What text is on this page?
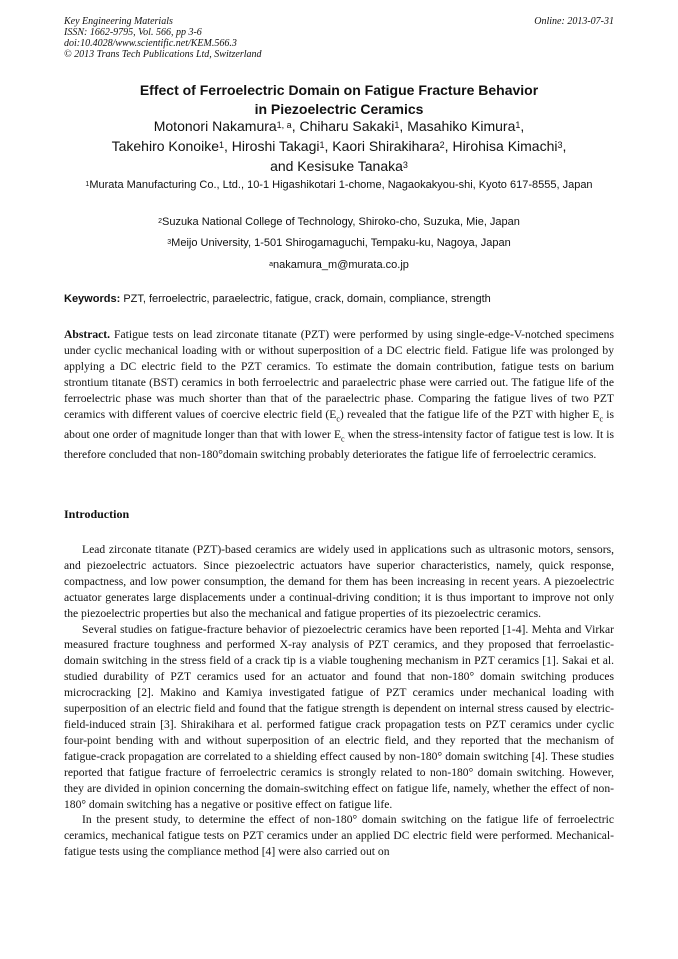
Key Engineering Materials
ISSN: 1662-9795, Vol. 566, pp 3-6
doi:10.4028/www.scientific.net/KEM.566.3
© 2013 Trans Tech Publications Ltd, Switzerland
Online: 2013-07-31
Effect of Ferroelectric Domain on Fatigue Fracture Behavior
in Piezoelectric Ceramics
Motonori Nakamura$^{1, a}$, Chiharu Sakaki$^1$, Masahiko Kimura$^1$,
Takehiro Konoike$^1$, Hiroshi Takagi$^1$, Kaori Shirakihara$^2$, Hirohisa Kimachi$^3$,
and Kesisuke Tanaka$^3$
$^1$Murata Manufacturing Co., Ltd., 10-1 Higashikotari 1-chome, Nagaokakyou-shi, Kyoto 617-8555, Japan
$^2$Suzuka National College of Technology, Shiroko-cho, Suzuka, Mie, Japan
$^3$Meijo University, 1-501 Shirogamaguchi, Tempaku-ku, Nagoya, Japan
$^a$nakamura_m@murata.co.jp
Keywords: PZT, ferroelectric, paraelectric, fatigue, crack, domain, compliance, strength
Abstract. Fatigue tests on lead zirconate titanate (PZT) were performed by using single-edge-V-notched specimens under cyclic mechanical loading with or without superposition of a DC electric field. Fatigue life was prolonged by applying a DC electric field to the PZT ceramics. To estimate the domain contribution, fatigue tests on barium strontium titanate (BST) ceramics in both ferroelectric and paraelectric phase were carried out. The fatigue life of the ferroelectric phase was much shorter than that of the paraelectric phase. Comparing the fatigue lives of two PZT ceramics with different values of coercive electric field $(E_c)$ revealed that the fatigue life of the PZT with higher $E_c$ is about one order of magnitude longer than that with lower $E_c$ when the stress-intensity factor of fatigue test is low. It is therefore concluded that non-180°domain switching probably deteriorates the fatigue life of ferroelectric ceramics.
Introduction

Lead zirconate titanate (PZT)-based ceramics are widely used in applications such as ultrasonic motors, sensors, and piezoelectric actuators. Since piezoelectric actuators have superior characteristics, namely, quick response, compactness, and low power consumption, the demand for them has been increasing in recent years. A piezoelectric actuator generates large displacements under a continual-driving condition; it is thus important to improve not only the piezoelectric properties but also the mechanical and fatigue properties of its piezoelectric ceramics.

Several studies on fatigue-fracture behavior of piezoelectric ceramics have been reported [1-4]. Mehta and Virkar measured fracture toughness and performed X-ray analysis of PZT ceramics, and they proposed that ferroelastic-domain switching in the stress field of a crack tip is a viable toughening mechanism in PZT ceramics [1]. Sakai et al. studied durability of PZT ceramics used for an actuator and found that non-180° domain switching produces microcracking [2]. Makino and Kamiya investigated fatigue of PZT ceramics under mechanical loading with superposition of an electric field and found that the fatigue strength is dependent on internal stress caused by electric-field-induced strain [3]. Shirakihara et al. performed fatigue crack propagation tests on PZT ceramics under cyclic four-point bending with and without superposition of an electric field, and they reported that the mechanism of fatigue-crack propagation are correlated to a shielding effect caused by non-180° domain switching [4]. These studies reported that fatigue fracture of ferroelectric ceramics is strongly related to non-180° domain switching. However, they are divided in opinion concerning the domain-switching effect on fatigue life, namely, whether the effect of non-180° domain switching has a negative or positive effect on fatigue life.

In the present study, to determine the effect of non-180° domain switching on the fatigue life of ferroelectric ceramics, mechanical fatigue tests on PZT ceramics under an applied DC electric field were performed. Mechanical-fatigue tests using the compliance method [4] were also carried out on
